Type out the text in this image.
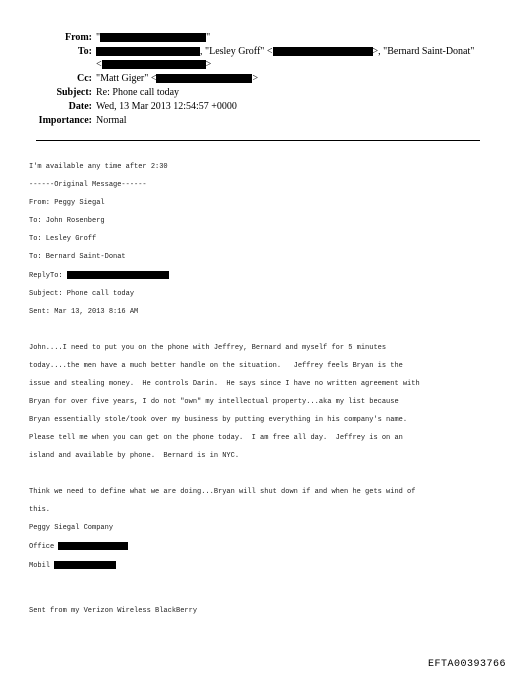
From: "	"
To:	, "Lesley Groff" <	>, "Bernard Saint-Donat"
<	>
Cc: "Matt Giger" <	>
Subject: Re: Phone call today
Date: Wed, 13 Mar 2013 12:54:57 +0000
Importance: Normal

I'm available any time after 2:30

------Original Message------

From: Peggy Siegal

To: John Rosenberg

To: Lesley Groff

To: Bernard Saint-Donat

ReplyTo:

Subject: Phone call today

Sent: Mar 13, 2013 8:16 AM

John....I need to put you on the phone with Jeffrey, Bernard and myself for 5 minutes

today....the men have a much better handle on the situation.   Jeffrey feels Bryan is the

issue and stealing money.  He controls Darin.  He says since I have no written agreement with

Bryan for over five years, I do not "own" my intellectual property...aka my list because

Bryan essentially stole/took over my business by putting everything in his company's name.

Please tell me when you can get on the phone today.  I am free all day.  Jeffrey is on an

island and available by phone.  Bernard is in NYC.

Think we need to define what we are doing...Bryan will shut down if and when he gets wind of

this.

Peggy Siegal Company

Office

Mobil

Sent from my Verizon Wireless BlackBerry

EFTA00393766
